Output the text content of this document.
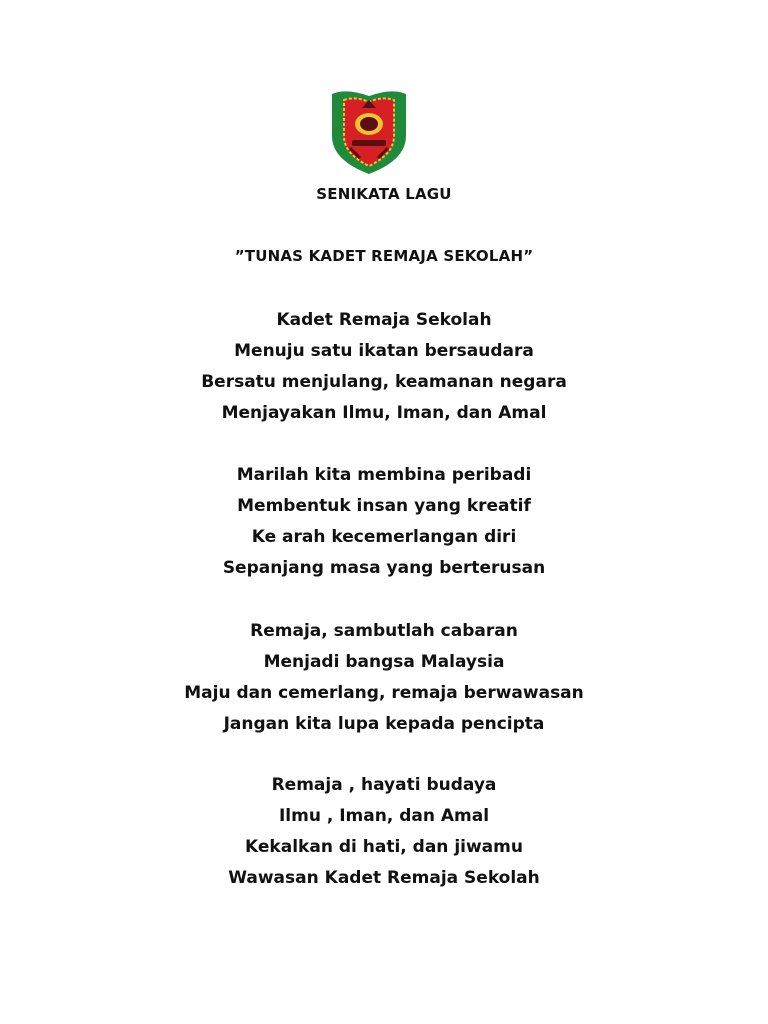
SENIKATA LAGU
”TUNAS KADET REMAJA SEKOLAH”
Kadet Remaja Sekolah
Menuju satu ikatan bersaudara
Bersatu menjulang, keamanan negara
Menjayakan Ilmu, Iman, dan Amal
Marilah kita membina peribadi
Membentuk insan yang kreatif
Ke arah kecemerlangan diri
Sepanjang masa yang berterusan
Remaja, sambutlah cabaran
Menjadi bangsa Malaysia
Maju dan cemerlang, remaja berwawasan
Jangan kita lupa kepada pencipta
Remaja , hayati budaya
Ilmu , Iman, dan Amal
Kekalkan di hati, dan jiwamu
Wawasan Kadet Remaja Sekolah
